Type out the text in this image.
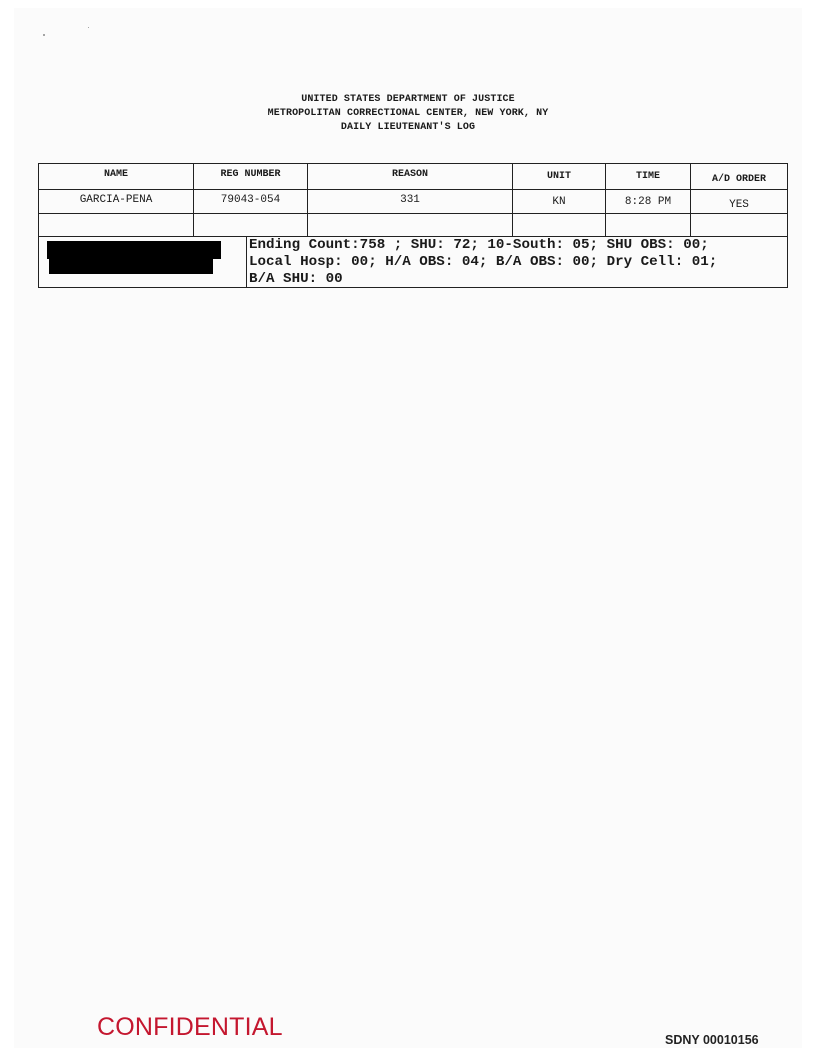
UNITED STATES DEPARTMENT OF JUSTICE
METROPOLITAN CORRECTIONAL CENTER, NEW YORK, NY
DAILY LIEUTENANT'S LOG
NAME	REG NUMBER	REASON	UNIT	TIME	A/D ORDER
GARCIA-PENA	79043-054	331	KN	8:28 PM	YES
Ending Count:758 ; SHU: 72; 10-South: 05; SHU OBS: 00;
Local Hosp: 00; H/A OBS: 04; B/A OBS: 00; Dry Cell: 01;
B/A SHU: 00
CONFIDENTIAL	SDNY 00010156
